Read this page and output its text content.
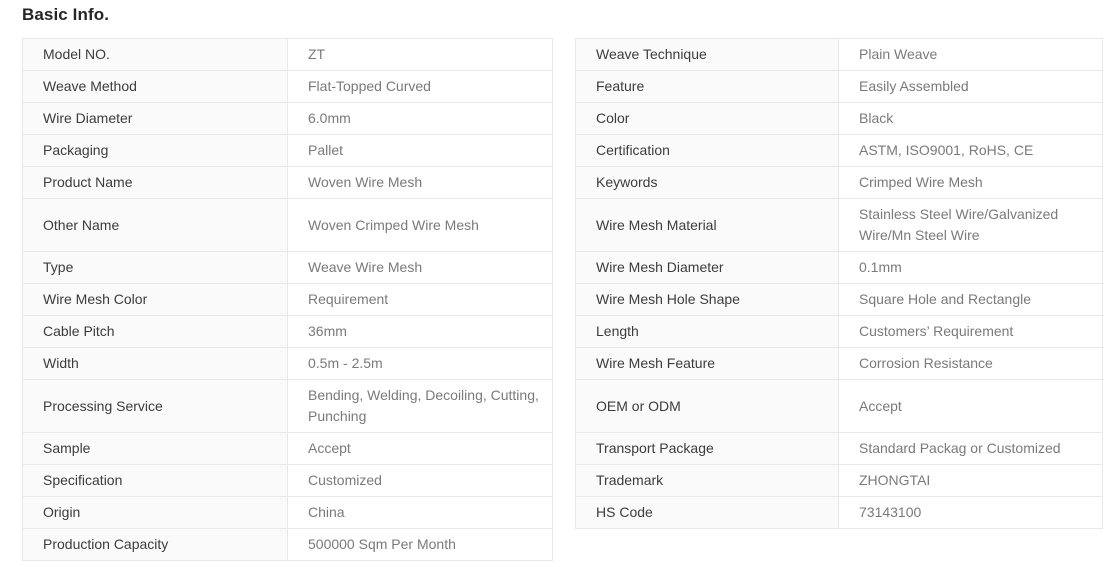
Basic Info.
Model NO.	ZT		Weave Technique	Plain Weave
Weave Method	Flat-Topped Curved		Feature	Easily Assembled
Wire Diameter	6.0mm		Color	Black
Packaging	Pallet		Certification	ASTM, ISO9001, RoHS, CE
Product Name	Woven Wire Mesh		Keywords	Crimped Wire Mesh
Other Name	Woven Crimped Wire Mesh		Wire Mesh Material	Stainless Steel Wire/Galvanized Wire/Mn Steel Wire
Type	Weave Wire Mesh		Wire Mesh Diameter	0.1mm
Wire Mesh Color	Requirement		Wire Mesh Hole Shape	Square Hole and Rectangle
Cable Pitch	36mm		Length	Customers’ Requirement
Width	0.5m - 2.5m		Wire Mesh Feature	Corrosion Resistance
Processing Service	Bending, Welding, Decoiling, Cutting, Punching		OEM or ODM	Accept
Sample	Accept		Transport Package	Standard Packag or Customized
Specification	Customized		Trademark	ZHONGTAI
Origin	China		HS Code	73143100
Production Capacity	500000 Sqm Per Month			
